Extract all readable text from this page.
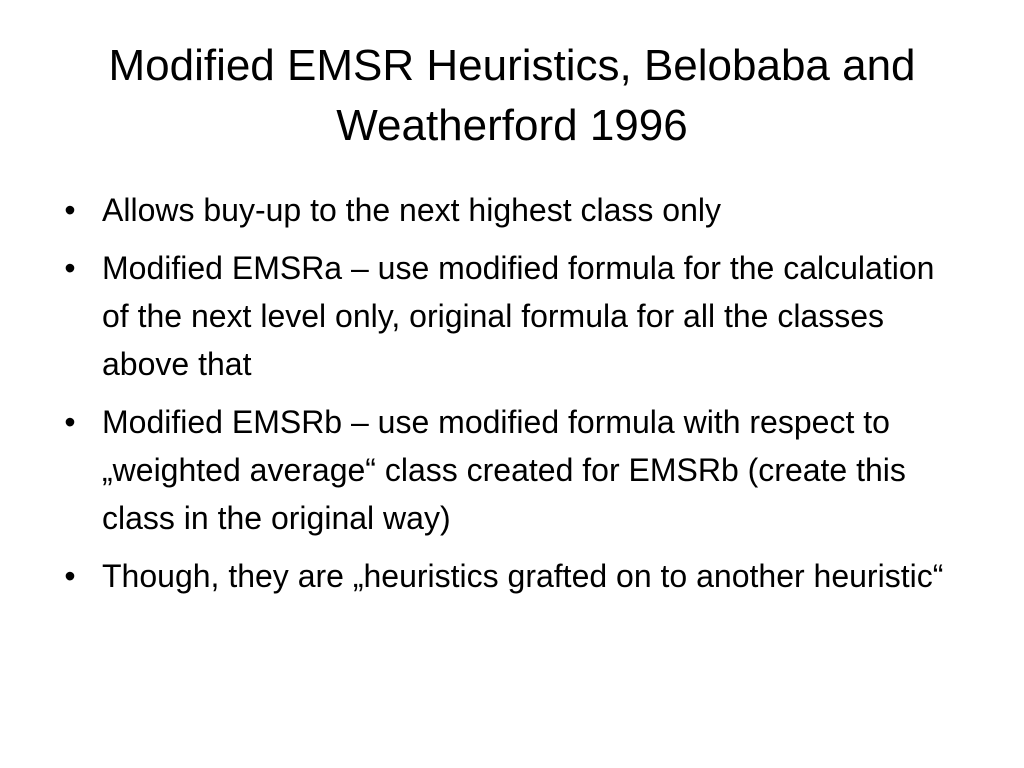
Modified EMSR Heuristics, Belobaba and Weatherford 1996
• Allows buy-up to the next highest class only
• Modified EMSRa – use modified formula for the calculation of the next level only, original formula for all the classes above that
• Modified EMSRb – use modified formula with respect to „weighted average“ class created for EMSRb (create this class in the original way)
• Though, they are „heuristics grafted on to another heuristic“
